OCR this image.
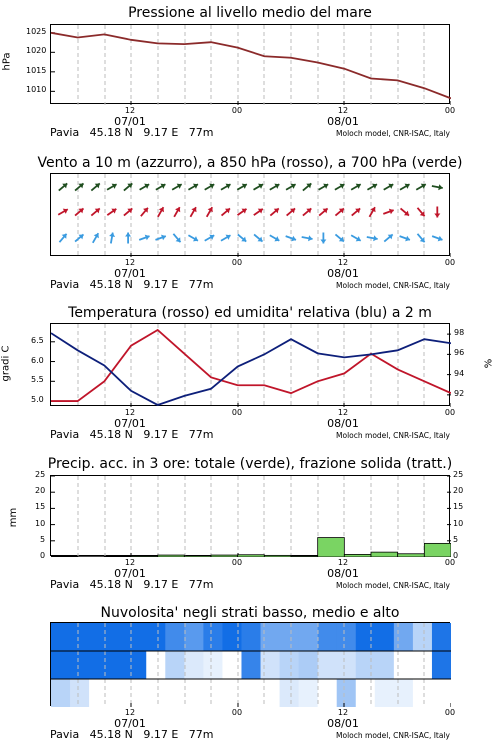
Pressione al livello medio del mare
hPa
1010
1015
1020
1025
12	00	12	00
07/01	08/01
Pavia   45.18 N   9.17 E   77m	Moloch model, CNR-ISAC, Italy
Vento a 10 m (azzurro), a 850 hPa (rosso), a 700 hPa (verde)
12	00	12	00
07/01	08/01
Pavia   45.18 N   9.17 E   77m	Moloch model, CNR-ISAC, Italy
Temperatura (rosso) ed umidita' relativa (blu) a 2 m
gradi C	%
5.0
5.5
6.0
6.5
92
94
96
98
12	00	12	00
07/01	08/01
Pavia   45.18 N   9.17 E   77m	Moloch model, CNR-ISAC, Italy
Precip. acc. in 3 ore: totale (verde), frazione solida (tratt.)
mm
0	0
5	5
10	10
15	15
20	20
25	25
12	00	12	00
07/01	08/01
Pavia   45.18 N   9.17 E   77m	Moloch model, CNR-ISAC, Italy
Nuvolosita' negli strati basso, medio e alto
12	00	12	00
07/01	08/01
Pavia   45.18 N   9.17 E   77m	Moloch model, CNR-ISAC, Italy
